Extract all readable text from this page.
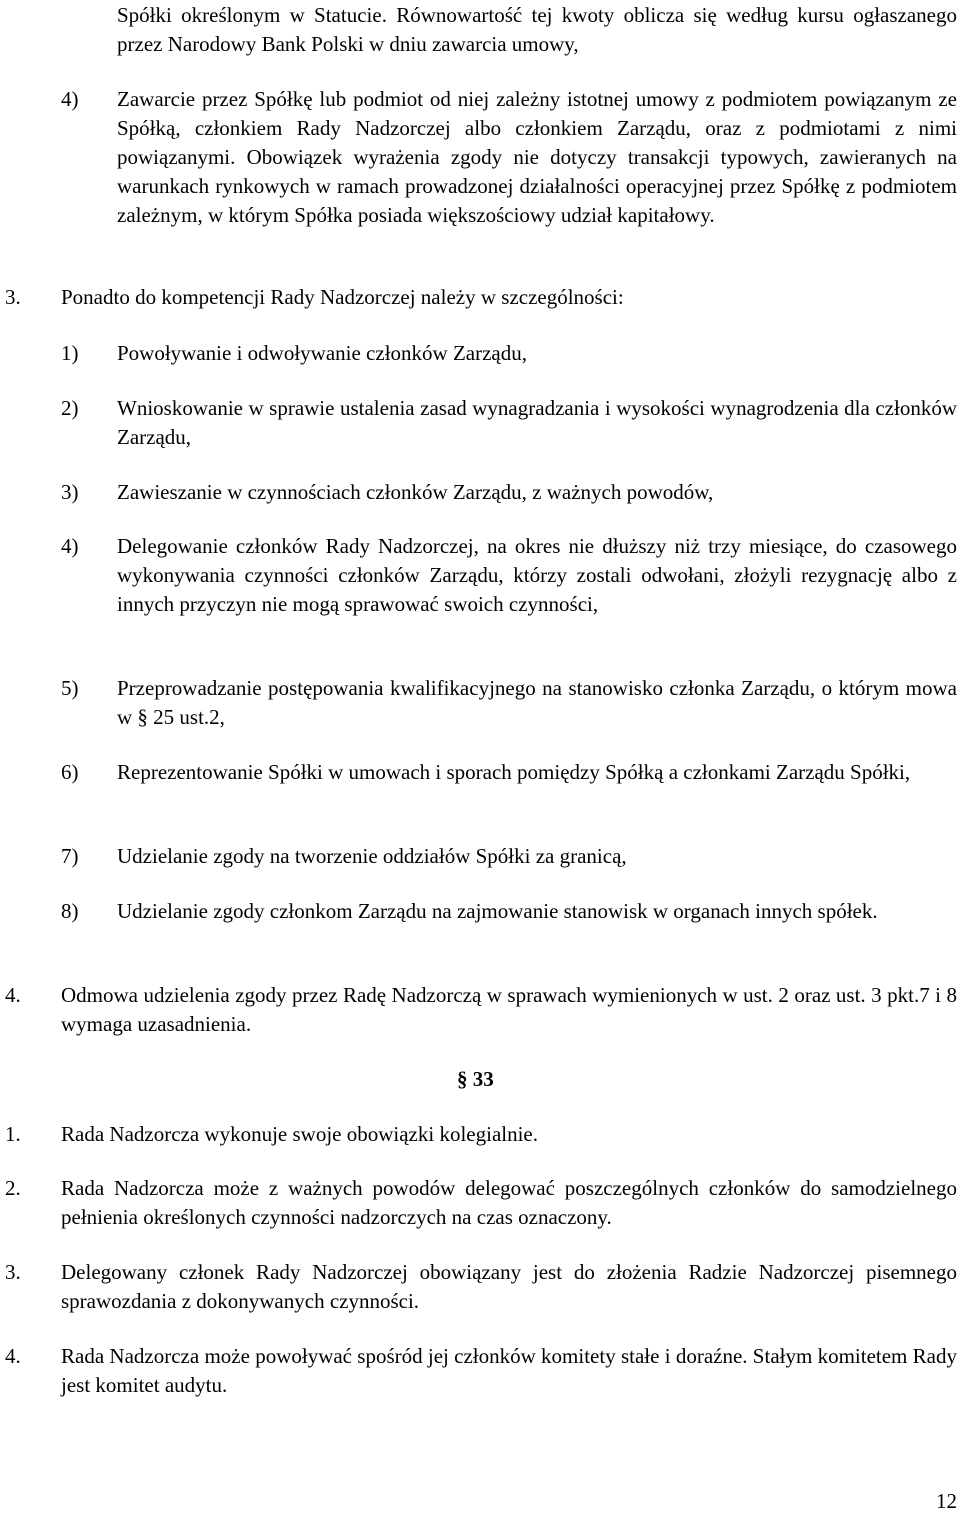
Spółki określonym w Statucie. Równowartość tej kwoty oblicza się według kursu ogłaszanego przez Narodowy Bank Polski w dniu zawarcia umowy,
4) Zawarcie przez Spółkę lub podmiot od niej zależny istotnej umowy z podmiotem powiązanym ze Spółką, członkiem Rady Nadzorczej albo członkiem Zarządu, oraz z podmiotami z nimi powiązanymi. Obowiązek wyrażenia zgody nie dotyczy transakcji typowych, zawieranych na warunkach rynkowych w ramach prowadzonej działalności operacyjnej przez Spółkę z podmiotem zależnym, w którym Spółka posiada większościowy udział kapitałowy.
3. Ponadto do kompetencji Rady Nadzorczej należy w szczególności:
1) Powoływanie i odwoływanie członków Zarządu,
2) Wnioskowanie w sprawie ustalenia zasad wynagradzania i wysokości wynagrodzenia dla członków Zarządu,
3) Zawieszanie w czynnościach członków Zarządu, z ważnych powodów,
4) Delegowanie członków Rady Nadzorczej, na okres nie dłuższy niż trzy miesiące, do czasowego wykonywania czynności członków Zarządu, którzy zostali odwołani, złożyli rezygnację albo z innych przyczyn nie mogą sprawować swoich czynności,
5) Przeprowadzanie postępowania kwalifikacyjnego na stanowisko członka Zarządu, o którym mowa w § 25 ust.2,
6) Reprezentowanie Spółki w umowach i sporach pomiędzy Spółką a członkami Zarządu Spółki,
7) Udzielanie zgody na tworzenie oddziałów Spółki za granicą,
8) Udzielanie zgody członkom Zarządu na zajmowanie stanowisk w organach innych spółek.
4. Odmowa udzielenia zgody przez Radę Nadzorczą w sprawach wymienionych w ust. 2 oraz ust. 3 pkt.7 i 8 wymaga uzasadnienia.
§ 33
1. Rada Nadzorcza wykonuje swoje obowiązki kolegialnie.
2. Rada Nadzorcza może z ważnych powodów delegować poszczególnych członków do samodzielnego pełnienia określonych czynności nadzorczych na czas oznaczony.
3. Delegowany członek Rady Nadzorczej obowiązany jest do złożenia Radzie Nadzorczej pisemnego sprawozdania z dokonywanych czynności.
4. Rada Nadzorcza może powoływać spośród jej członków komitety stałe i doraźne. Stałym komitetem Rady jest komitet audytu.
12
